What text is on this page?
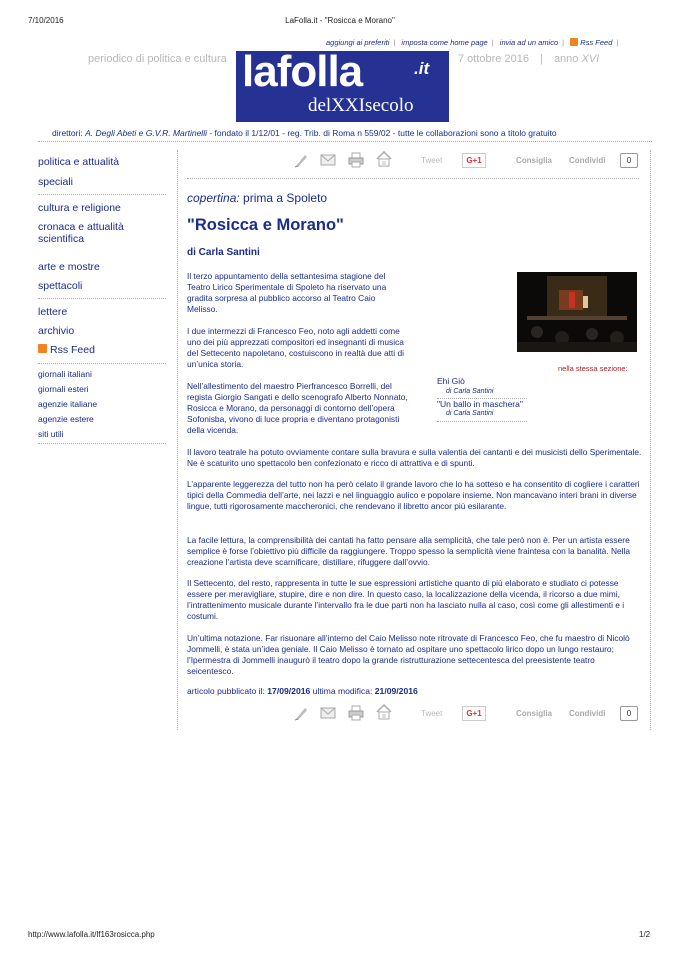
7/10/2016	LaFolla.it - "Rosicca e Morano"
aggiungi ai preferiti | imposta come home page | invia ad un amico | Rss Feed |
periodico di politica e cultura lafolla	.it
delXXIsecolo
7 ottobre 2016 | anno XVI
direttori: A. Degli Abeti e G.V.R. Martinelli - fondato il 1/12/01 - reg. Trib. di Roma n 559/02 - tutte le collaborazioni sono a titolo gratuito
politica e attualità
speciali
cultura e religione
cronaca e attualità
scientifica
arte e mostre
spettacoli
lettere
archivio
Rss Feed
giornali italiani
giornali esteri
agenzie italiane
agenzie estere
siti utili
Tweet	G+1	Consiglia Condividi	0
copertina: prima a Spoleto
"Rosicca e Morano"
di Carla Santini
Il terzo appuntamento della settantesima stagione del Teatro Lirico Sperimentale di Spoleto ha riservato una gradita sorpresa al pubblico accorso al Teatro Caio Melisso.
I due intermezzi di Francesco Feo, noto agli addetti come uno dei più apprezzati compositori ed insegnanti di musica del Settecento napoletano, costuiscono in realtà due atti di un’unica storia.
Nell’allestimento del maestro Pierfrancesco Borrelli, del regista Giorgio Sangati e dello scenografo Alberto Nonnato, Rosicca e Morano, da personaggi di contorno dell’opera Sofonisba, vivono di luce propria e diventano protagonisti della vicenda.
nella stessa sezione:
Ehi Giò
di Carla Santini
"Un ballo in maschera"
di Carla Santini
Il lavoro teatrale ha potuto ovviamente contare sulla bravura e sulla valentia dei cantanti e dei musicisti dello Sperimentale. Ne è scaturito uno spettacolo ben confezionato e ricco di attrattiva e di spunti.
L’apparente leggerezza del tutto non ha però celato il grande lavoro che lo ha sotteso e ha consentito di cogliere i caratteri tipici della Commedia dell’arte, nei lazzi e nel linguaggio aulico e popolare insieme. Non mancavano interi brani in diverse lingue, tutti rigorosamente maccheronici, che rendevano il libretto ancor più esilarante.
La facile lettura, la comprensibilità dei cantati ha fatto pensare alla semplicità, che tale però non è. Per un artista essere semplice è forse l’obiettivo più difficile da raggiungere. Troppo spesso la semplicità viene fraintesa con la banalità. Nella creazione l’artista deve scarnificare, distillare, rifuggere dall’ovvio.
Il Settecento, del resto, rappresenta in tutte le sue espressioni artistiche quanto di più elaborato e studiato ci potesse essere per meravigliare, stupire, dire e non dire. In questo caso, la localizzazione della vicenda, il ricorso a due mimi, l’intrattenimento musicale durante l’intervallo fra le due parti non ha lasciato nulla al caso, così come gli allestimenti e i costumi.
Un’ultima notazione. Far risuonare all’interno del Caio Melisso note ritrovate di Francesco Feo, che fu maestro di Nicolò Jommelli, è stata un’idea geniale. Il Caio Melisso è tornato ad ospitare uno spettacolo lirico dopo un lungo restauro; l’Ipermestra di Jommelli inaugurò il teatro dopo la grande ristrutturazione settecentesca del preesistente teatro seicentesco.
articolo pubblicato il: 17/09/2016 ultima modifica: 21/09/2016
Tweet	G+1	Consiglia Condividi	0
http://www.lafolla.it/lf163rosicca.php	1/2
